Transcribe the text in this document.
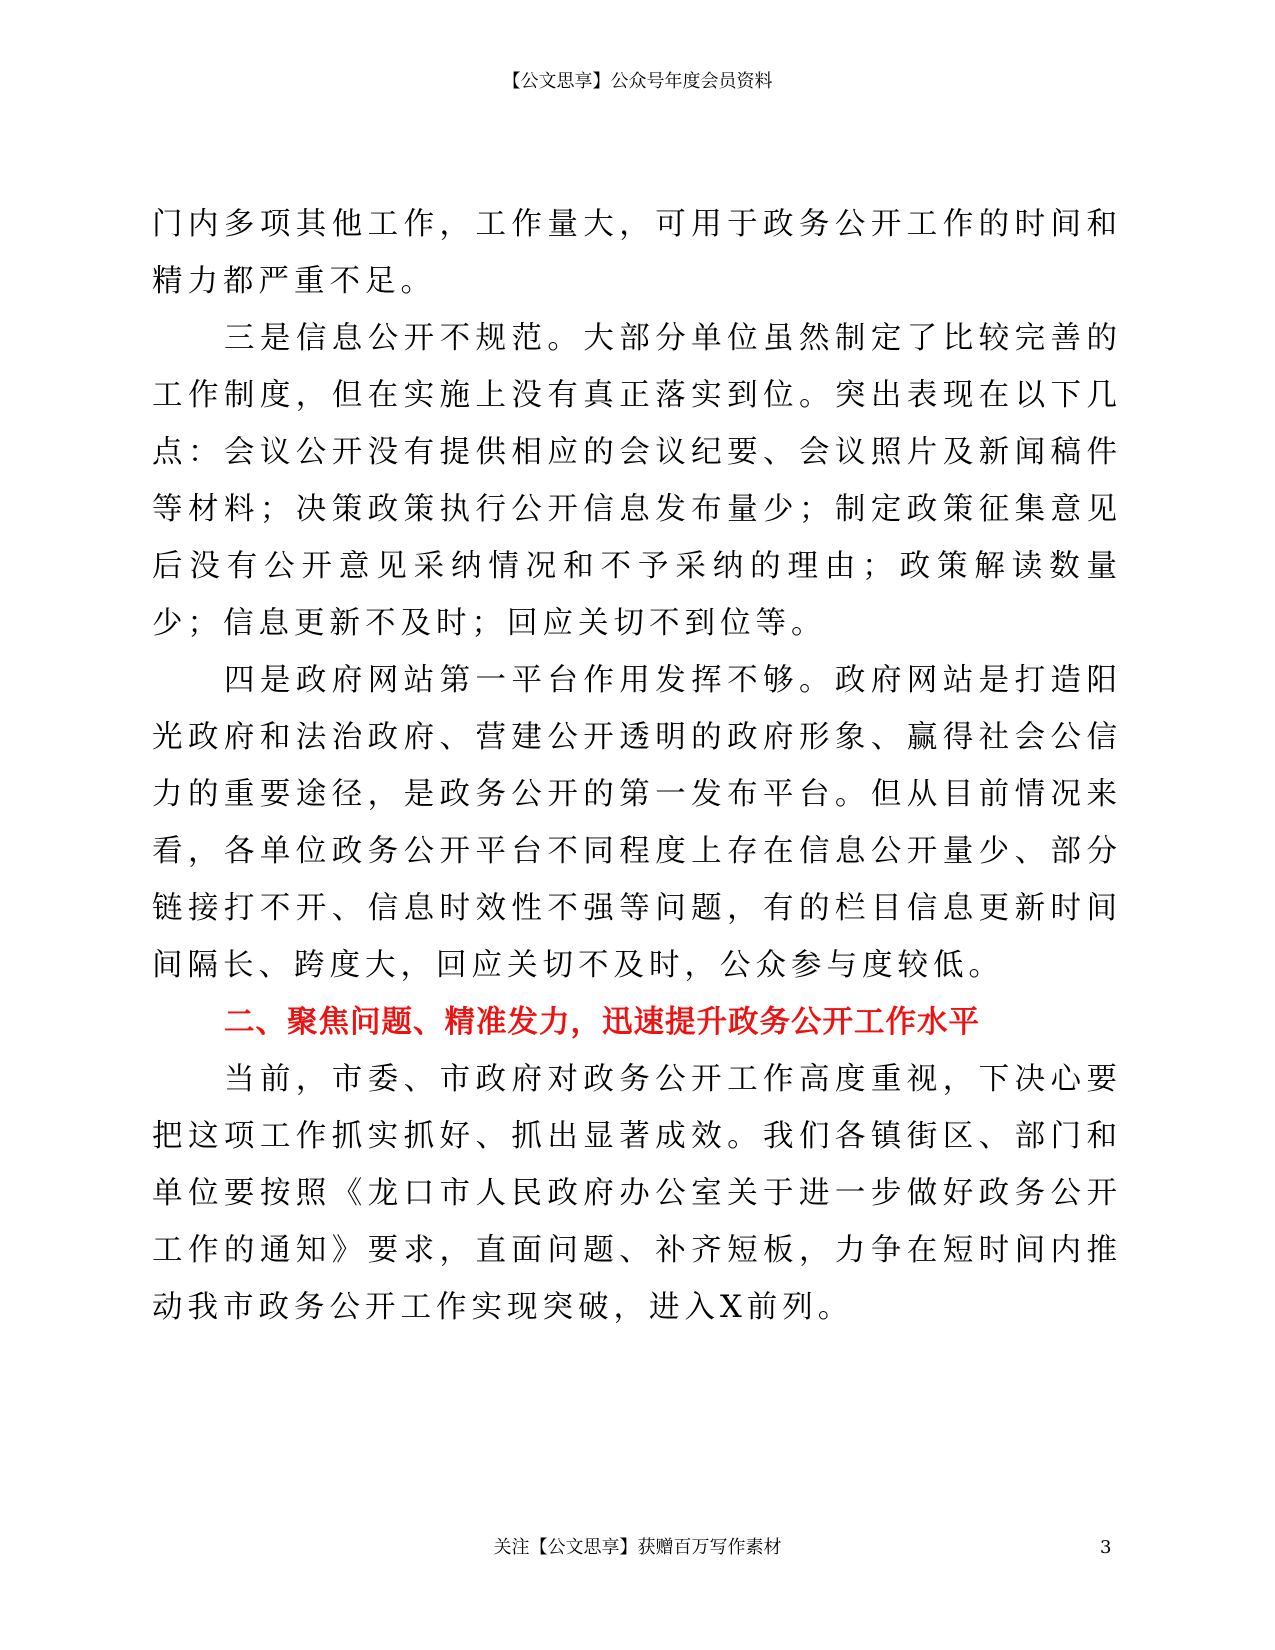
【公文思享】公众号年度会员资料

门内多项其他工作，工作量大，可用于政务公开工作的时间和精力都严重不足。

三是信息公开不规范。大部分单位虽然制定了比较完善的工作制度，但在实施上没有真正落实到位。突出表现在以下几点：会议公开没有提供相应的会议纪要、会议照片及新闻稿件等材料；决策政策执行公开信息发布量少；制定政策征集意见后没有公开意见采纳情况和不予采纳的理由；政策解读数量少；信息更新不及时；回应关切不到位等。

四是政府网站第一平台作用发挥不够。政府网站是打造阳光政府和法治政府、营建公开透明的政府形象、赢得社会公信力的重要途径，是政务公开的第一发布平台。但从目前情况来看，各单位政务公开平台不同程度上存在信息公开量少、部分链接打不开、信息时效性不强等问题，有的栏目信息更新时间间隔长、跨度大，回应关切不及时，公众参与度较低。

二、聚焦问题、精准发力，迅速提升政务公开工作水平

当前，市委、市政府对政务公开工作高度重视，下决心要把这项工作抓实抓好、抓出显著成效。我们各镇街区、部门和单位要按照《龙口市人民政府办公室关于进一步做好政务公开工作的通知》要求，直面问题、补齐短板，力争在短时间内推动我市政务公开工作实现突破，进入X前列。

关注【公文思享】获赠百万写作素材	3
